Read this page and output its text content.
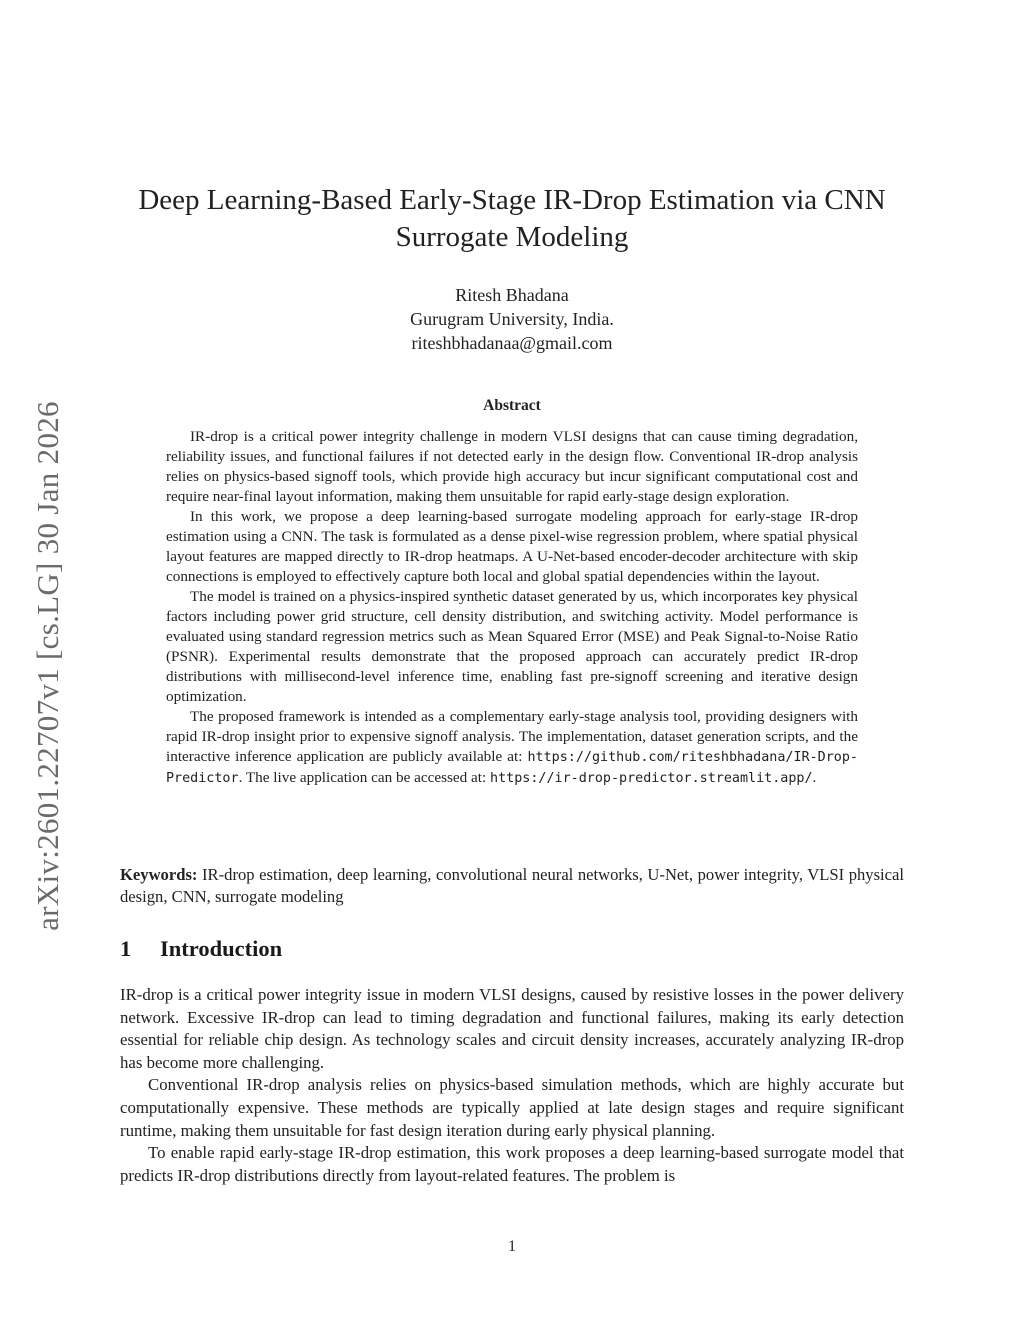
arXiv:2601.22707v1 [cs.LG] 30 Jan 2026
Deep Learning-Based Early-Stage IR-Drop Estimation via CNN Surrogate Modeling
Ritesh Bhadana
Gurugram University, India.
riteshbhadanaa@gmail.com
Abstract

IR-drop is a critical power integrity challenge in modern VLSI designs that can cause timing degradation, reliability issues, and functional failures if not detected early in the design flow. Conventional IR-drop analysis relies on physics-based signoff tools, which provide high accuracy but incur significant computational cost and require near-final layout information, making them unsuitable for rapid early-stage design exploration.

In this work, we propose a deep learning-based surrogate modeling approach for early-stage IR-drop estimation using a CNN. The task is formulated as a dense pixel-wise regression problem, where spatial physical layout features are mapped directly to IR-drop heatmaps. A U-Net-based encoder-decoder architecture with skip connections is employed to effectively capture both local and global spatial dependencies within the layout.

The model is trained on a physics-inspired synthetic dataset generated by us, which incorporates key physical factors including power grid structure, cell density distribution, and switching activity. Model performance is evaluated using standard regression metrics such as Mean Squared Error (MSE) and Peak Signal-to-Noise Ratio (PSNR). Experimental results demonstrate that the proposed approach can accurately predict IR-drop distributions with millisecond-level inference time, enabling fast pre-signoff screening and iterative design optimization.

The proposed framework is intended as a complementary early-stage analysis tool, providing designers with rapid IR-drop insight prior to expensive signoff analysis. The implementation, dataset generation scripts, and the interactive inference application are publicly available at: https://github.com/riteshbhadana/IR-Drop-Predictor. The live application can be accessed at: https://ir-drop-predictor.streamlit.app/.

Keywords: IR-drop estimation, deep learning, convolutional neural networks, U-Net, power integrity, VLSI physical design, CNN, surrogate modeling
1 Introduction

IR-drop is a critical power integrity issue in modern VLSI designs, caused by resistive losses in the power delivery network. Excessive IR-drop can lead to timing degradation and functional failures, making its early detection essential for reliable chip design. As technology scales and circuit density increases, accurately analyzing IR-drop has become more challenging.

Conventional IR-drop analysis relies on physics-based simulation methods, which are highly accurate but computationally expensive. These methods are typically applied at late design stages and require significant runtime, making them unsuitable for fast design iteration during early physical planning.

To enable rapid early-stage IR-drop estimation, this work proposes a deep learning-based surrogate model that predicts IR-drop distributions directly from layout-related features. The problem is

1
